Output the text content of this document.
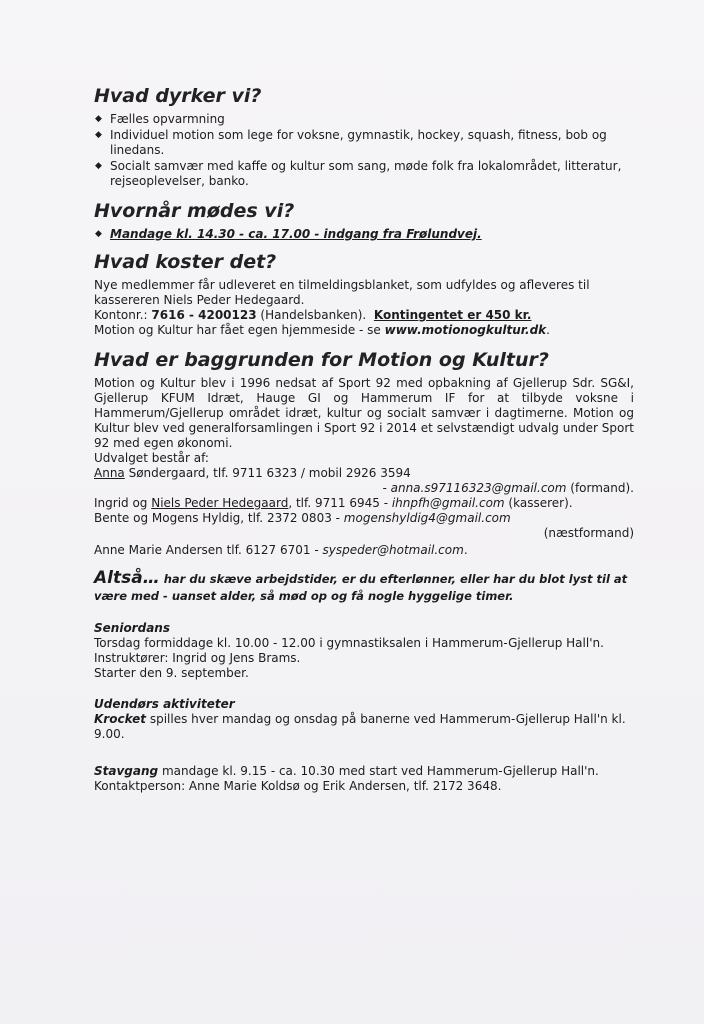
Hvad dyrker vi?
◆ Fælles opvarmning
◆ Individuel motion som lege for voksne, gymnastik, hockey, squash, fitness, bob og linedans.
◆ Socialt samvær med kaffe og kultur som sang, møde folk fra lokalområdet, litteratur, rejseoplevelser, banko.
Hvornår mødes vi?
◆ Mandage kl. 14.30 - ca. 17.00 - indgang fra Frølundvej.
Hvad koster det?

Nye medlemmer får udleveret en tilmeldingsblanket, som udfyldes og afleveres til kassereren Niels Peder Hedegaard.

Kontonr.: 7616 - 4200123 (Handelsbanken). Kontingentet er 450 kr.

Motion og Kultur har fået egen hjemmeside - se www.motionogkultur.dk.

Hvad er baggrunden for Motion og Kultur?

Motion og Kultur blev i 1996 nedsat af Sport 92 med opbakning af Gjellerup Sdr. SG&I, Gjellerup KFUM Idræt, Hauge GI og Hammerum IF for at tilbyde voksne i Hammerum/Gjellerup området idræt, kultur og socialt samvær i dagtimerne. Motion og Kultur blev ved generalforsamlingen i Sport 92 i 2014 et selvstændigt udvalg under Sport 92 med egen økonomi.

Udvalget består af:

Anna Søndergaard, tlf. 9711 6323 / mobil 2926 3594

- anna.s97116323@gmail.com (formand).

Ingrid og Niels Peder Hedegaard, tlf. 9711 6945 - ihnpfh@gmail.com (kasserer).

Bente og Mogens Hyldig, tlf. 2372 0803 - mogenshyldig4@gmail.com

(næstformand)

Anne Marie Andersen tlf. 6127 6701 - syspeder@hotmail.com.

Altså… har du skæve arbejdstider, er du efterlønner, eller har du blot lyst til at være med - uanset alder, så mød op og få nogle hyggelige timer.

Seniordans

Torsdag formiddage kl. 10.00 - 12.00 i gymnastiksalen i Hammerum-Gjellerup Hall'n.

Instruktører: Ingrid og Jens Brams.

Starter den 9. september.

Udendørs aktiviteter

Krocket spilles hver mandag og onsdag på banerne ved Hammerum-Gjellerup Hall'n kl. 9.00.

Stavgang mandage kl. 9.15 - ca. 10.30 med start ved Hammerum-Gjellerup Hall'n.

Kontaktperson: Anne Marie Koldsø og Erik Andersen, tlf. 2172 3648.
